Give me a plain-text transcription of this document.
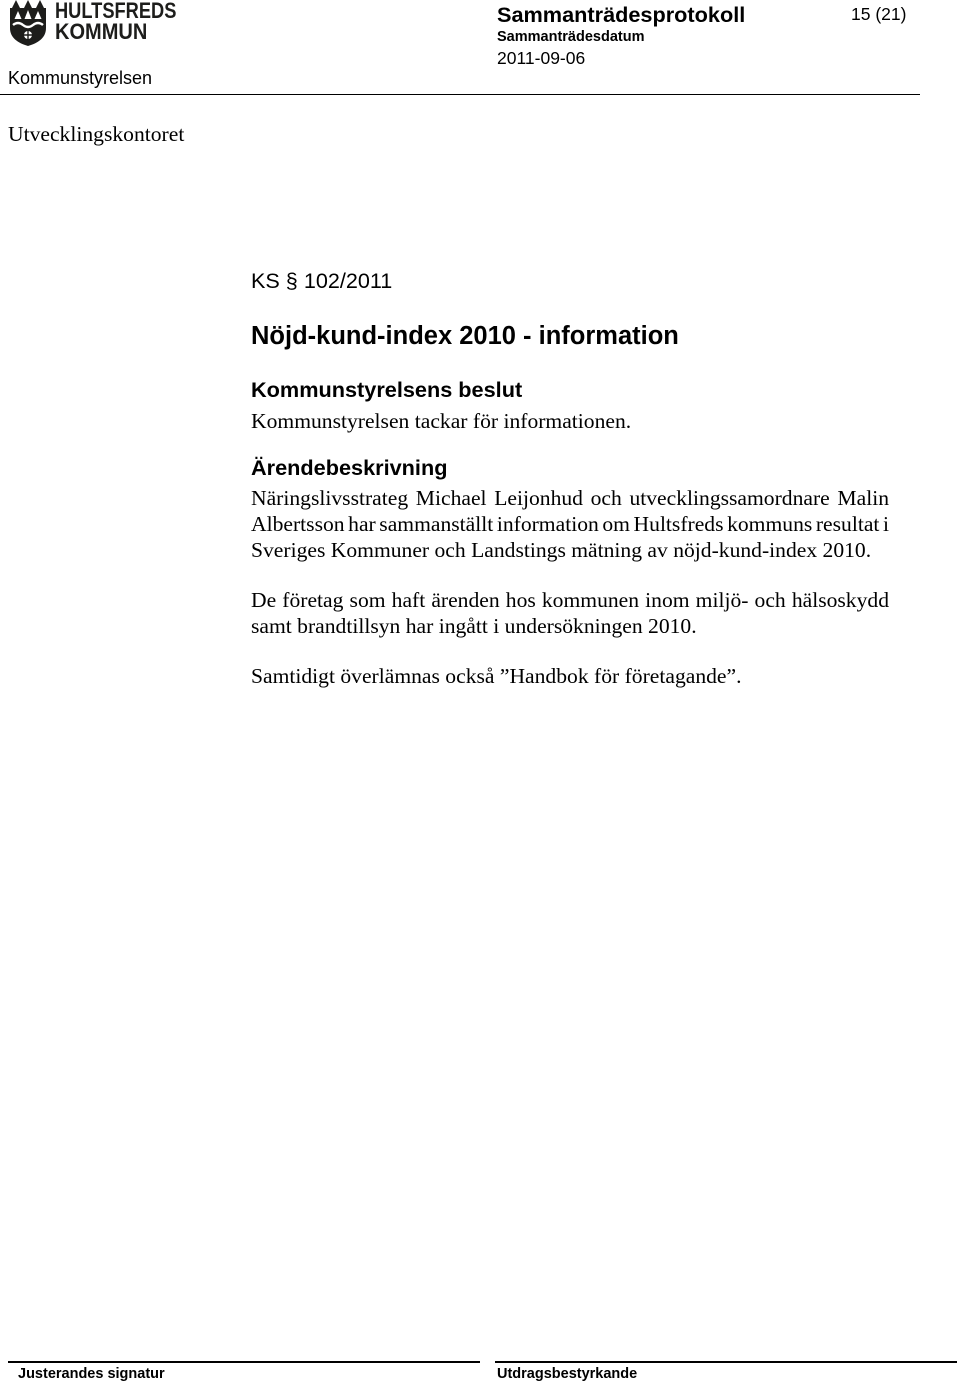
HULTSFREDS
KOMMUN
Sammanträdesprotokoll
Sammanträdesdatum
2011-09-06
15 (21)
Kommunstyrelsen
Utvecklingskontoret
KS § 102/2011
Nöjd-kund-index 2010 - information
Kommunstyrelsens beslut

Kommunstyrelsen tackar för informationen.

Ärendebeskrivning
Näringslivsstrateg Michael Leijonhud och utvecklingssamordnare Malin
Albertsson har sammanställt information om Hultsfreds kommuns resultat i
Sveriges Kommuner och Landstings mätning av nöjd-kund-index 2010.
De företag som haft ärenden hos kommunen inom miljö- och hälsoskydd
samt brandtillsyn har ingått i undersökningen 2010.
Samtidigt överlämnas också ”Handbok för företagande”.
Justerandes signatur	Utdragsbestyrkande
